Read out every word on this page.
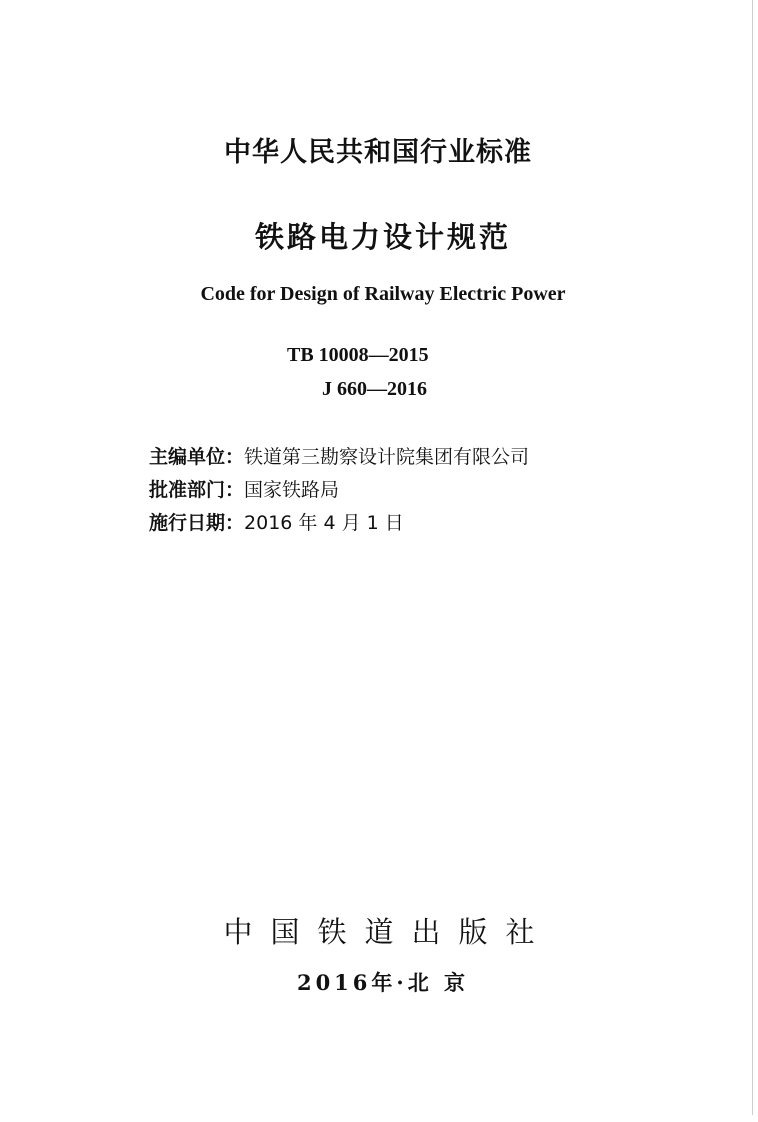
中华人民共和国行业标准
铁路电力设计规范
Code for Design of Railway Electric Power
TB 10008—2015
J 660—2016
主编单位：铁道第三勘察设计院集团有限公司
批准部门：国家铁路局
施行日期：2016 年 4 月 1 日
中国铁道出版社
2016年·北 京
